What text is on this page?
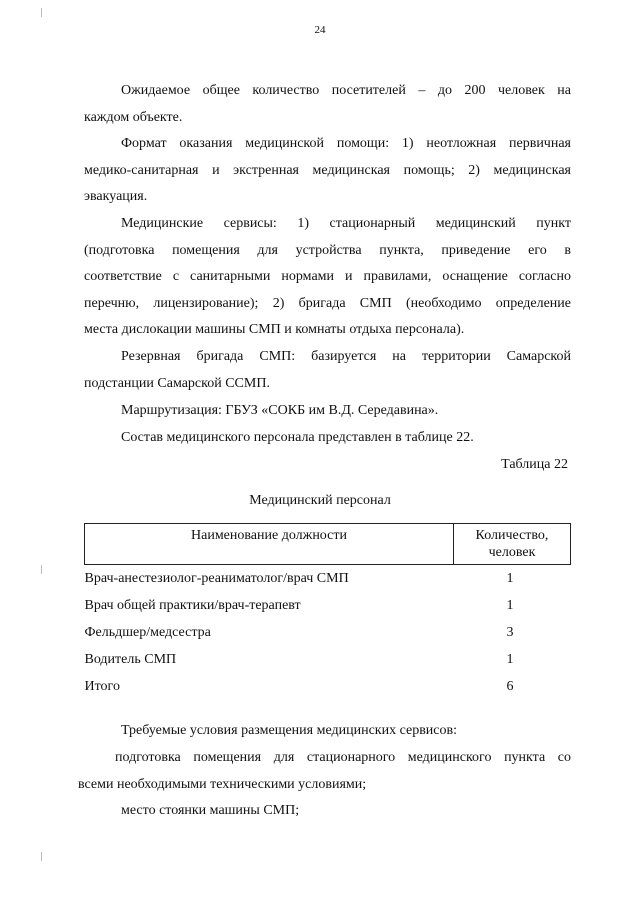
24
Ожидаемое общее количество посетителей – до 200 человек на
каждом объекте.
Формат оказания медицинской помощи: 1) неотложная первичная
медико-санитарная и экстренная медицинская помощь; 2) медицинская
эвакуация.
Медицинские сервисы: 1) стационарный медицинский пункт
(подготовка помещения для устройства пункта, приведение его в
соответствие с санитарными нормами и правилами, оснащение согласно
перечню, лицензирование); 2) бригада СМП (необходимо определение
места дислокации машины СМП и комнаты отдыха персонала).
Резервная бригада СМП: базируется на территории Самарской
подстанции Самарской ССМП.
Маршрутизация: ГБУЗ «СОКБ им В.Д. Середавина».
Состав медицинского персонала представлен в таблице 22.
Таблица 22
Медицинский персонал
Наименование должности	Количество,
человек
Врач-анестезиолог-реаниматолог/врач СМП	1
Врач общей практики/врач-терапевт	1
Фельдшер/медсестра	3
Водитель СМП	1
Итого	6
Требуемые условия размещения медицинских сервисов:
подготовка помещения для стационарного медицинского пункта со
всеми необходимыми техническими условиями;
место стоянки машины СМП;
